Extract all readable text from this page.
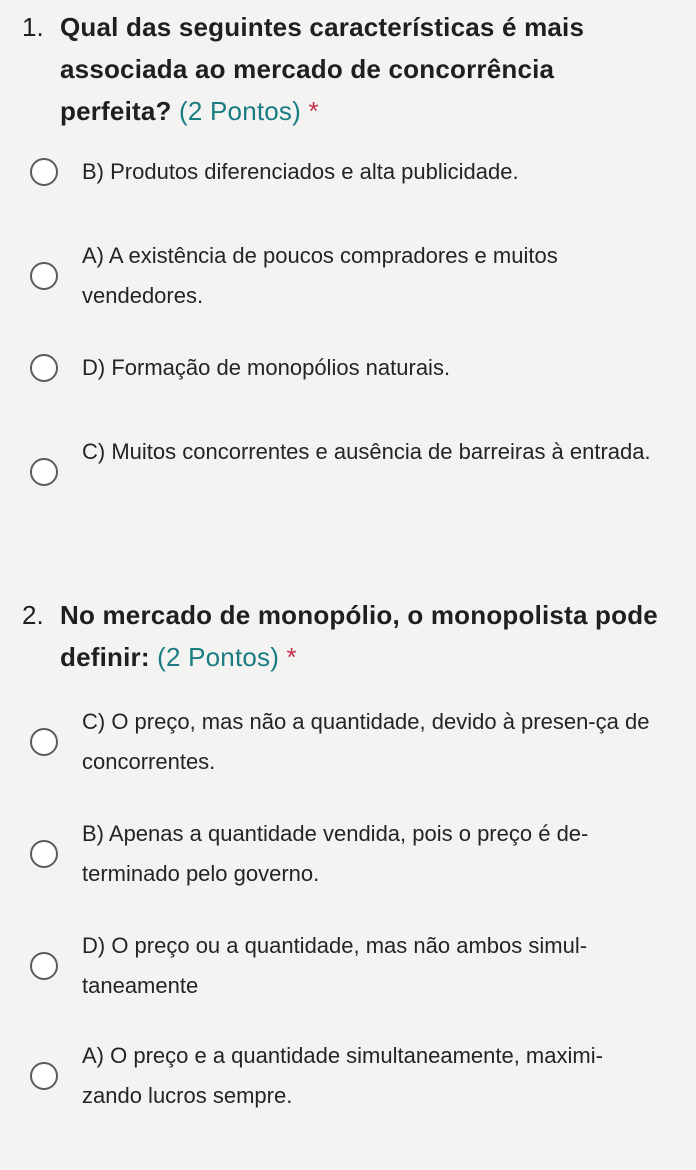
1. Qual das seguintes características é mais associada ao mercado de concorrência perfeita? (2 Pontos) *
B) Produtos diferenciados e alta publicidade.
A) A existência de poucos compradores e muitos vendedores.
D) Formação de monopólios naturais.
C) Muitos concorrentes e ausência de barreiras à entrada.
2. No mercado de monopólio, o monopolista pode definir: (2 Pontos) *
C) O preço, mas não a quantidade, devido à presen-ça de concorrentes.
B) Apenas a quantidade vendida, pois o preço é de-terminado pelo governo.
D) O preço ou a quantidade, mas não ambos simul-taneamente
A) O preço e a quantidade simultaneamente, maximi-zando lucros sempre.
